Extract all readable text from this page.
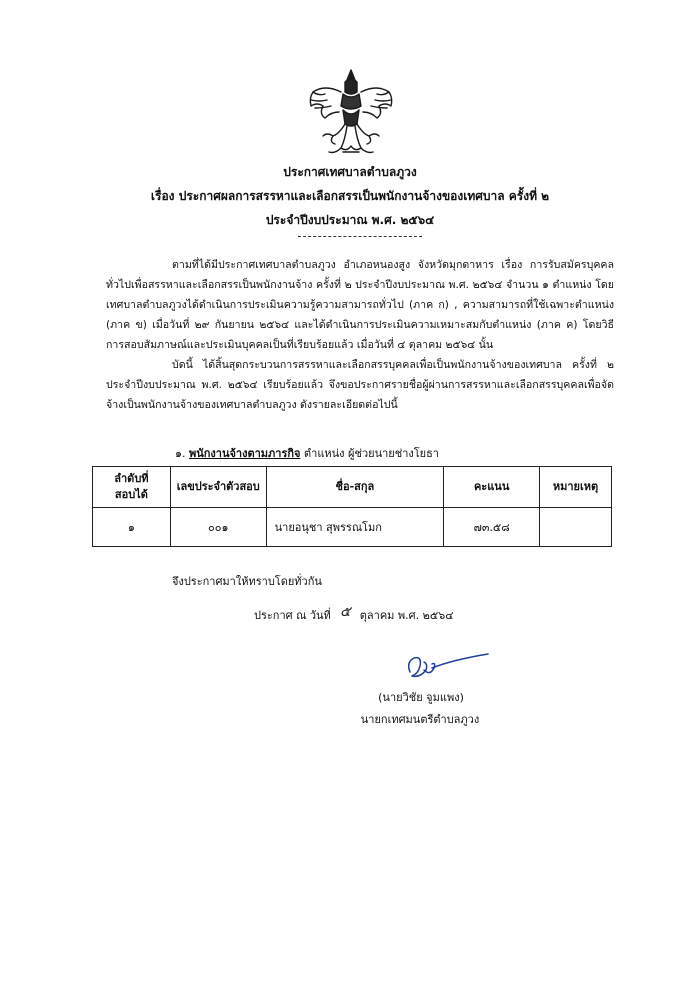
ประกาศเทศบาลตำบลภูวง
เรื่อง ประกาศผลการสรรหาและเลือกสรรเป็นพนักงานจ้างของเทศบาล ครั้งที่ ๒
ประจำปีงบประมาณ พ.ศ. ๒๕๖๔
ตามที่ได้มีประกาศเทศบาลตำบลภูวง อำเภอหนองสูง จังหวัดมุกดาหาร เรื่อง การรับสมัครบุคคลทั่วไปเพื่อสรรหาและเลือกสรรเป็นพนักงานจ้าง ครั้งที่ ๒ ประจำปีงบประมาณ พ.ศ. ๒๕๖๔ จำนวน ๑ ตำแหน่ง โดยเทศบาลตำบลภูวงได้ดำเนินการประเมินความรู้ความสามารถทั่วไป (ภาค ก) , ความสามารถที่ใช้เฉพาะตำแหน่ง (ภาค ข) เมื่อวันที่ ๒๙ กันยายน ๒๕๖๔ และได้ดำเนินการประเมินความเหมาะสมกับตำแหน่ง (ภาค ค) โดยวิธีการสอบสัมภาษณ์และประเมินบุคคลเป็นที่เรียบร้อยแล้ว เมื่อวันที่ ๔ ตุลาคม ๒๕๖๔ นั้น
บัดนี้ ได้สิ้นสุดกระบวนการสรรหาและเลือกสรรบุคคลเพื่อเป็นพนักงานจ้างของเทศบาล ครั้งที่ ๒ ประจำปีงบประมาณ พ.ศ. ๒๕๖๔ เรียบร้อยแล้ว จึงขอประกาศรายชื่อผู้ผ่านการสรรหาและเลือกสรรบุคคลเพื่อจัดจ้างเป็นพนักงานจ้างของเทศบาลตำบลภูวง ดังรายละเอียดต่อไปนี้
๑. พนักงานจ้างตามภารกิจ ตำแหน่ง ผู้ช่วยนายช่างโยธา
ลำดับที่
สอบได้	เลขประจำตัวสอบ	ชื่อ-สกุล	คะแนน	หมายเหตุ
๑	๐๐๑	นายอนุชา สุพรรณโมก	๗๓.๕๘	
จึงประกาศมาให้ทราบโดยทั่วกัน
ประกาศ ณ วันที่ ๕ ตุลาคม พ.ศ. ๒๕๖๔
(นายวิชัย จูมแพง)
นายกเทศมนตรีตำบลภูวง
